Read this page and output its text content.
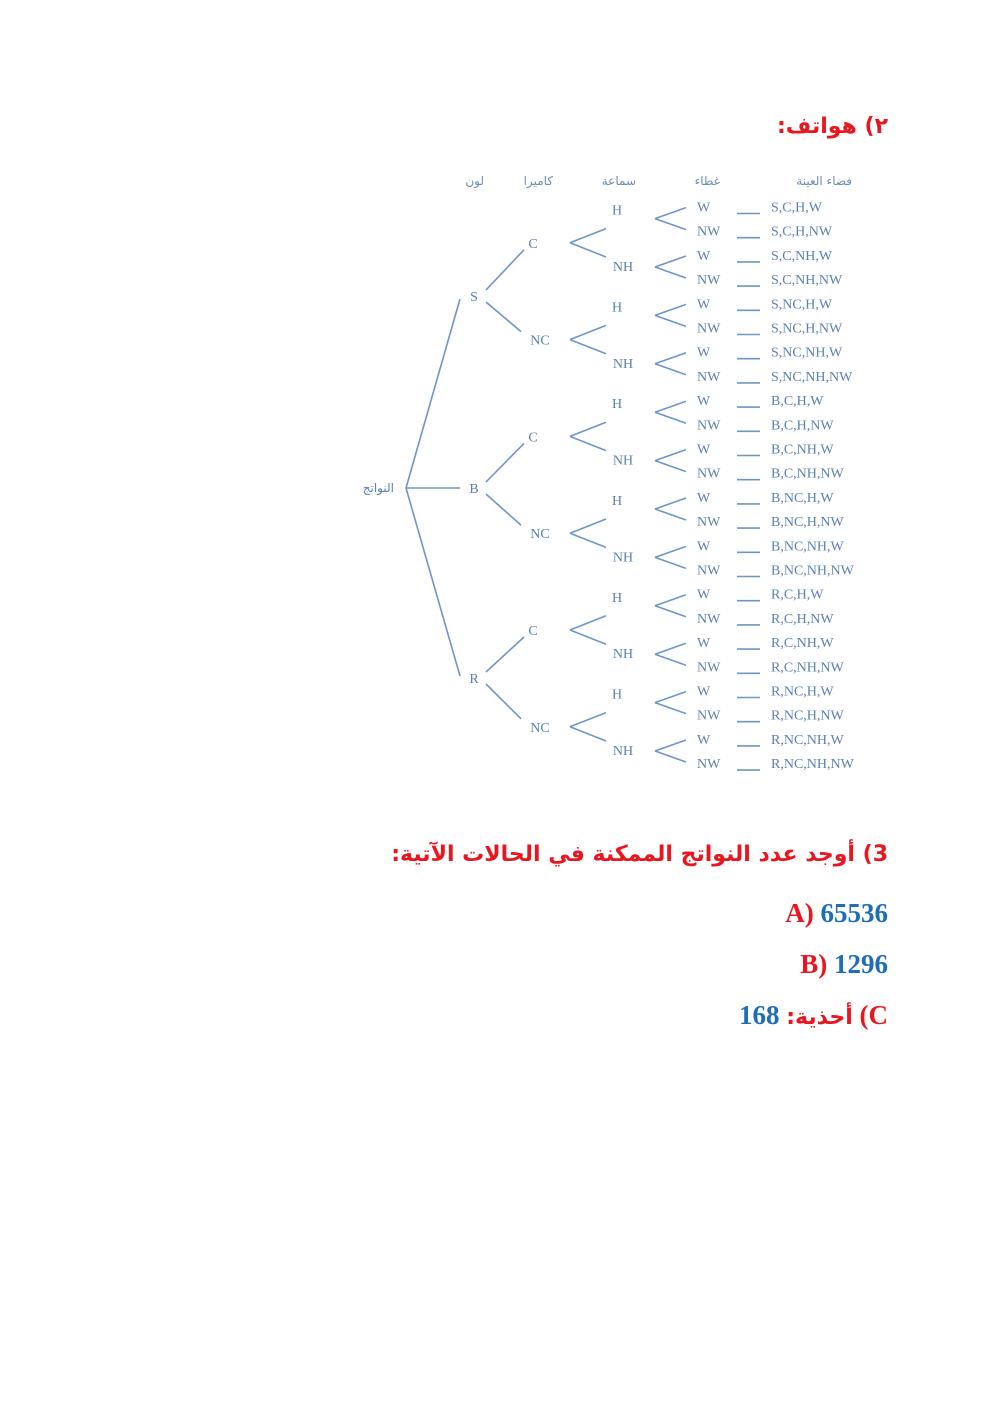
٢) هواتف:
فضاء العينة
غطاء
سماعة
كاميرا
لون
النواتج
S
C
H	W	S,C,H,W
NW	S,C,H,NW
NH
W	S,C,NH,W
NW	S,C,NH,NW
NC
H	W	S,NC,H,W
NW	S,NC,H,NW
NH
W	S,NC,NH,W
NW	S,NC,NH,NW
B
C
H	W	B,C,H,W
NW	B,C,H,NW
NH
W	B,C,NH,W
NW	B,C,NH,NW
NC
H	W	B,NC,H,W
NW	B,NC,H,NW
NH
W	B,NC,NH,W
NW	B,NC,NH,NW
R
C
H	W	R,C,H,W
NW	R,C,H,NW
NH
W	R,C,NH,W
NW	R,C,NH,NW
NC
H	W	R,NC,H,W
NW	R,NC,H,NW
NH
W	R,NC,NH,W
NW	R,NC,NH,NW
3) أوجد عدد النواتج الممكنة في الحالات الآتية:

A) 65536

B) 1296

C) أحذية: 168
